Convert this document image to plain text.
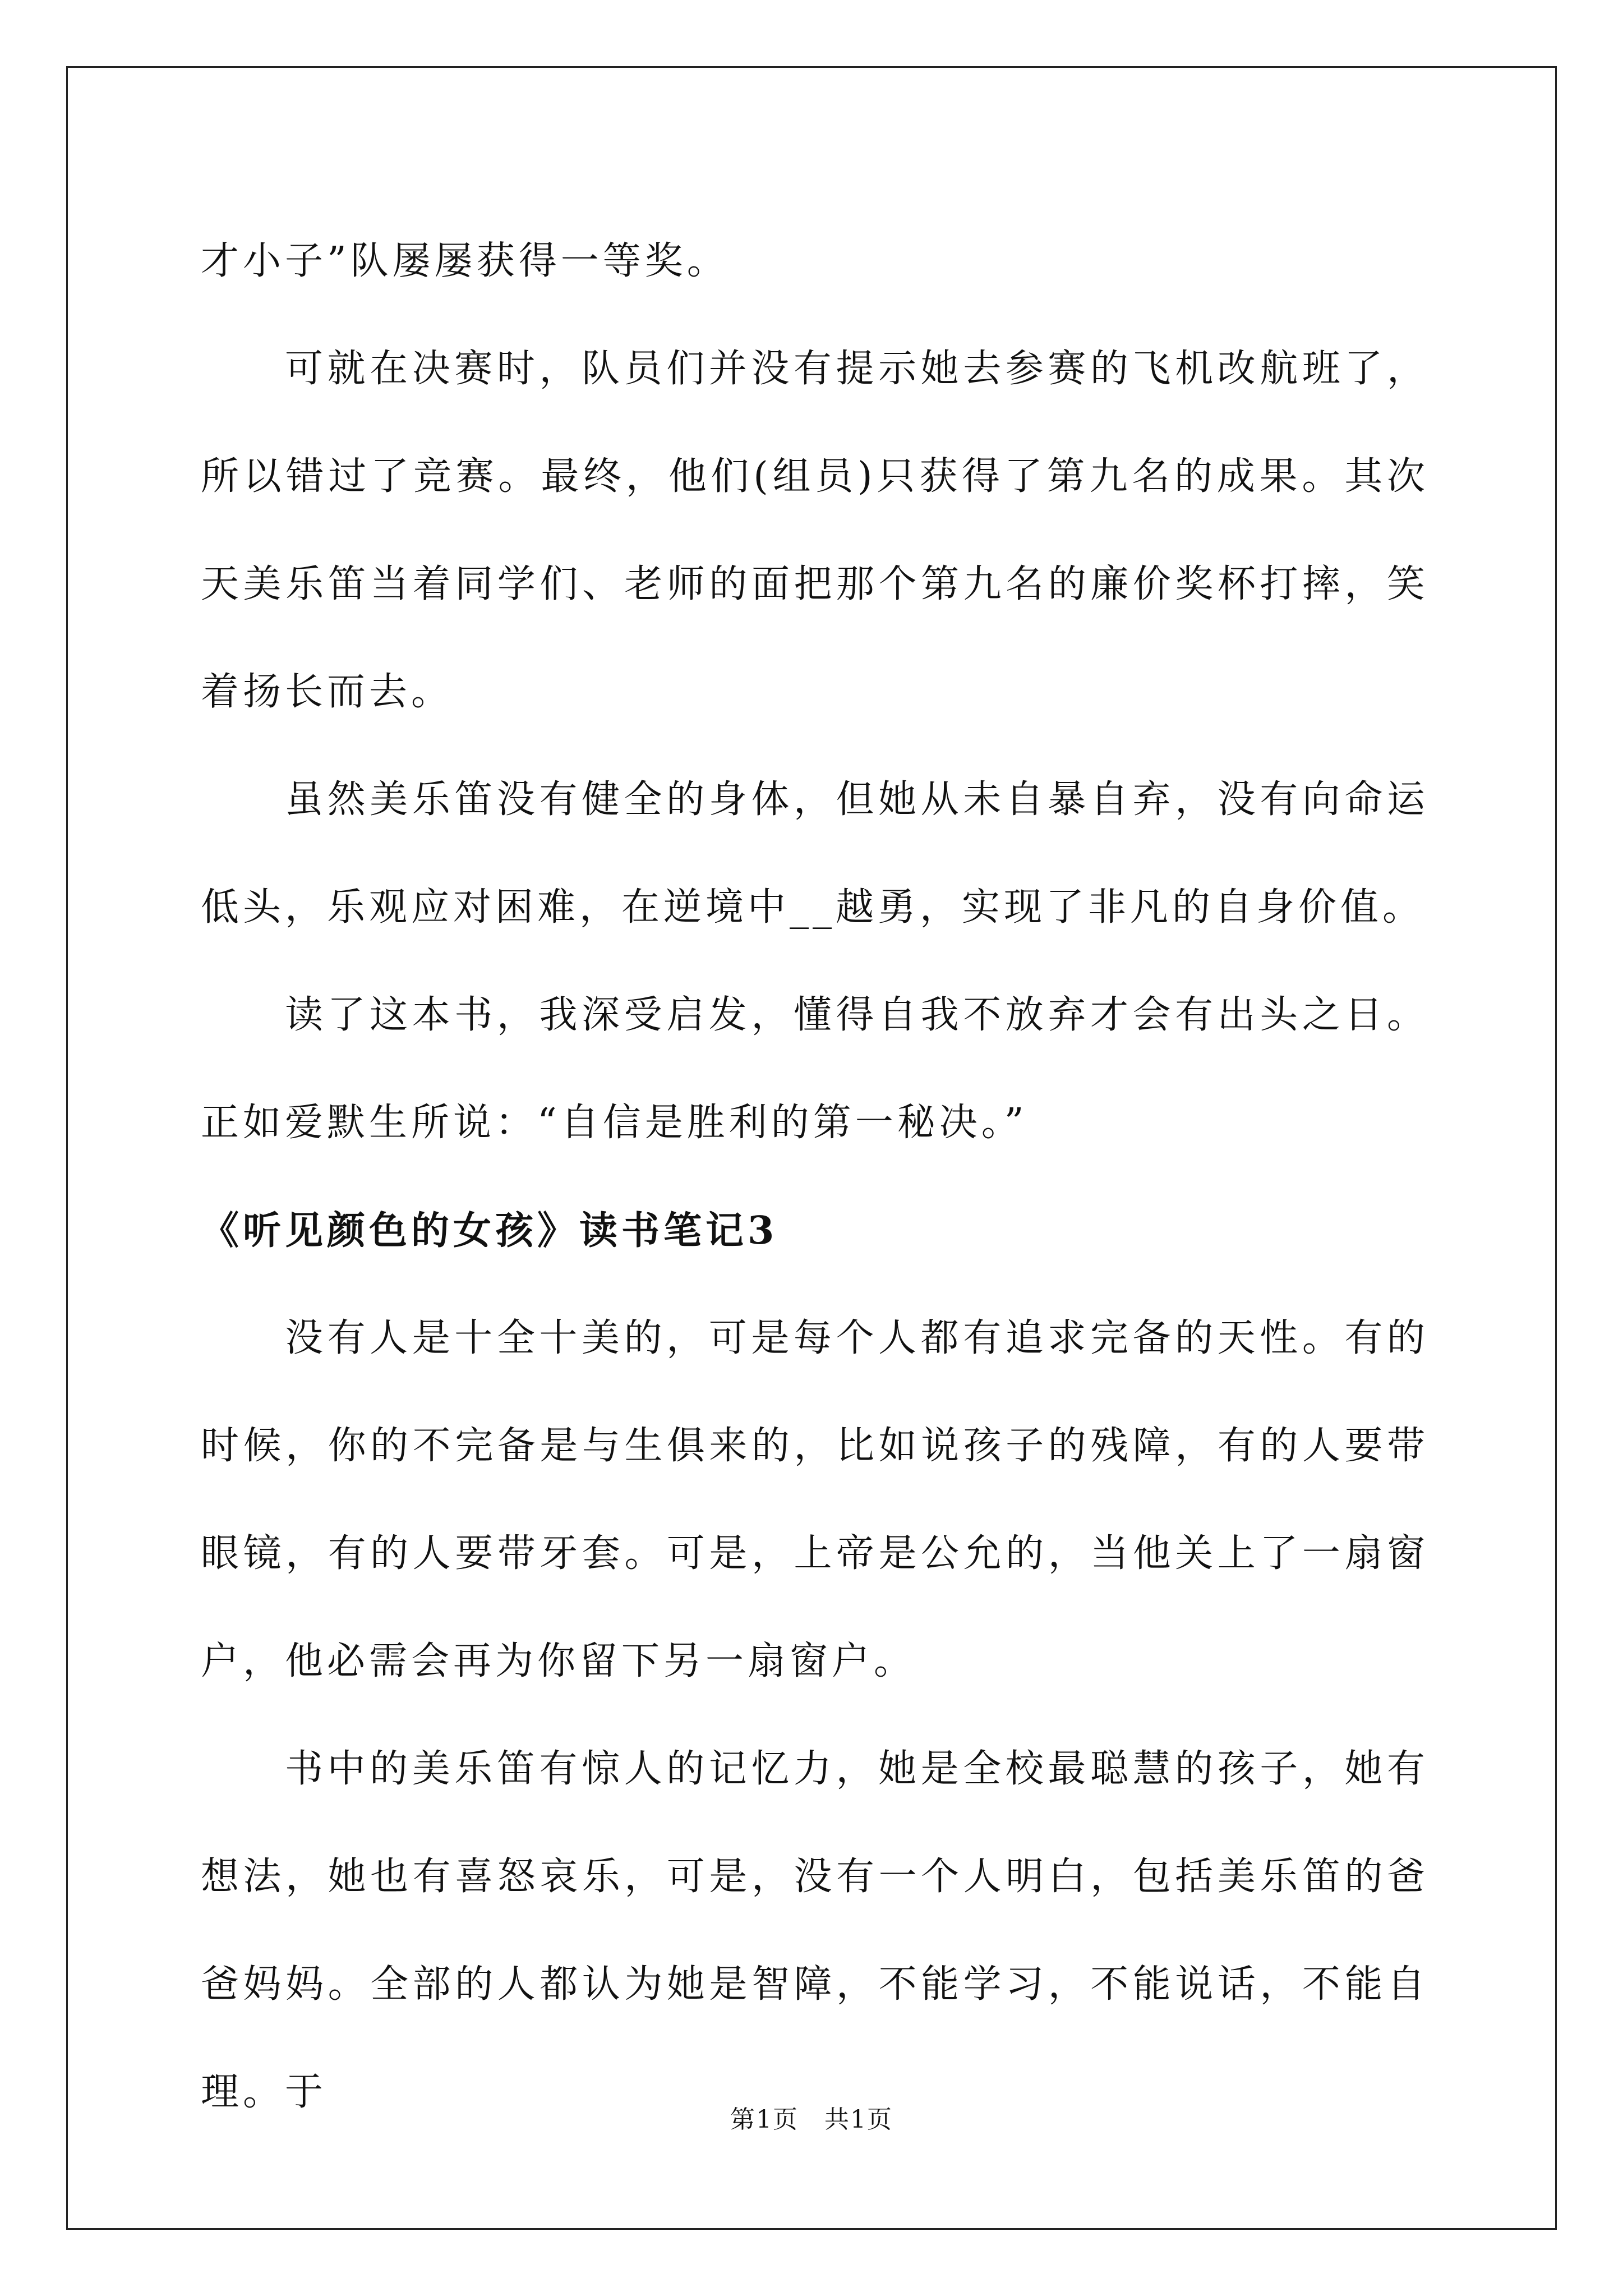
才小子”队屡屡获得一等奖。

可就在决赛时，队员们并没有提示她去参赛的飞机改航班了，所以错过了竞赛。最终，他们(组员)只获得了第九名的成果。其次天美乐笛当着同学们、老师的面把那个第九名的廉价奖杯打摔，笑着扬长而去。

虽然美乐笛没有健全的身体，但她从未自暴自弃，没有向命运低头，乐观应对困难，在逆境中__越勇，实现了非凡的自身价值。

读了这本书，我深受启发，懂得自我不放弃才会有出头之日。正如爱默生所说：“自信是胜利的第一秘决。”

《听见颜色的女孩》读书笔记3

没有人是十全十美的，可是每个人都有追求完备的天性。有的时候，你的不完备是与生俱来的，比如说孩子的残障，有的人要带眼镜，有的人要带牙套。可是，上帝是公允的，当他关上了一扇窗户，他必需会再为你留下另一扇窗户。

书中的美乐笛有惊人的记忆力，她是全校最聪慧的孩子，她有想法，她也有喜怒哀乐，可是，没有一个人明白，包括美乐笛的爸爸妈妈。全部的人都认为她是智障，不能学习，不能说话，不能自理。于

第1页　共1页
